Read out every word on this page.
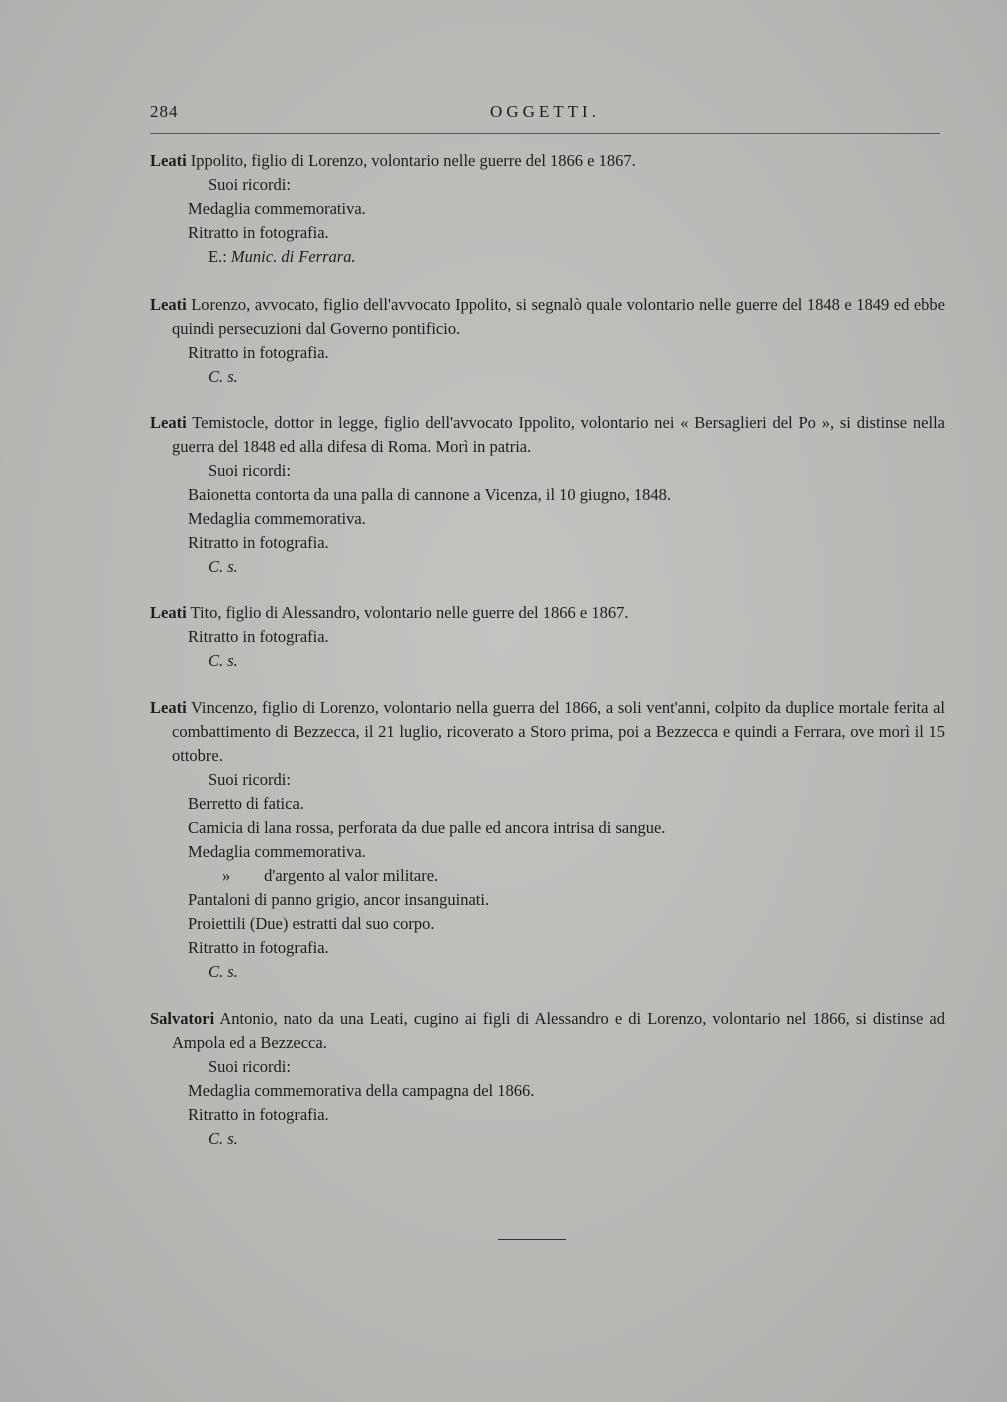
284	OGGETTI.

Leati Ippolito, figlio di Lorenzo, volontario nelle guerre del 1866 e 1867.

Suoi ricordi:

Medaglia commemorativa.

Ritratto in fotografia.

E.: Munic. di Ferrara.

Leati Lorenzo, avvocato, figlio dell'avvocato Ippolito, si segnalò quale volontario nelle guerre del 1848 e 1849 ed ebbe quindi persecuzioni dal Governo pontificio.

Ritratto in fotografia.

C. s.

Leati Temistocle, dottor in legge, figlio dell'avvocato Ippolito, volontario nei « Bersaglieri del Po », si distinse nella guerra del 1848 ed alla difesa di Roma. Morì in patria.

Suoi ricordi:

Baionetta contorta da una palla di cannone a Vicenza, il 10 giugno, 1848.

Medaglia commemorativa.

Ritratto in fotografia.

C. s.

Leati Tito, figlio di Alessandro, volontario nelle guerre del 1866 e 1867.

Ritratto in fotografia.

C. s.

Leati Vincenzo, figlio di Lorenzo, volontario nella guerra del 1866, a soli vent'anni, colpito da duplice mortale ferita al combattimento di Bezzecca, il 21 luglio, ricoverato a Storo prima, poi a Bezzecca e quindi a Ferrara, ove morì il 15 ottobre.

Suoi ricordi:

Berretto di fatica.

Camicia di lana rossa, perforata da due palle ed ancora intrisa di sangue.

Medaglia commemorativa.

» d'argento al valor militare.

Pantaloni di panno grigio, ancor insanguinati.

Proiettili (Due) estratti dal suo corpo.

Ritratto in fotografia.

C. s.

Salvatori Antonio, nato da una Leati, cugino ai figli di Alessandro e di Lorenzo, volontario nel 1866, si distinse ad Ampola ed a Bezzecca.

Suoi ricordi:

Medaglia commemorativa della campagna del 1866.

Ritratto in fotografia.

C. s.
